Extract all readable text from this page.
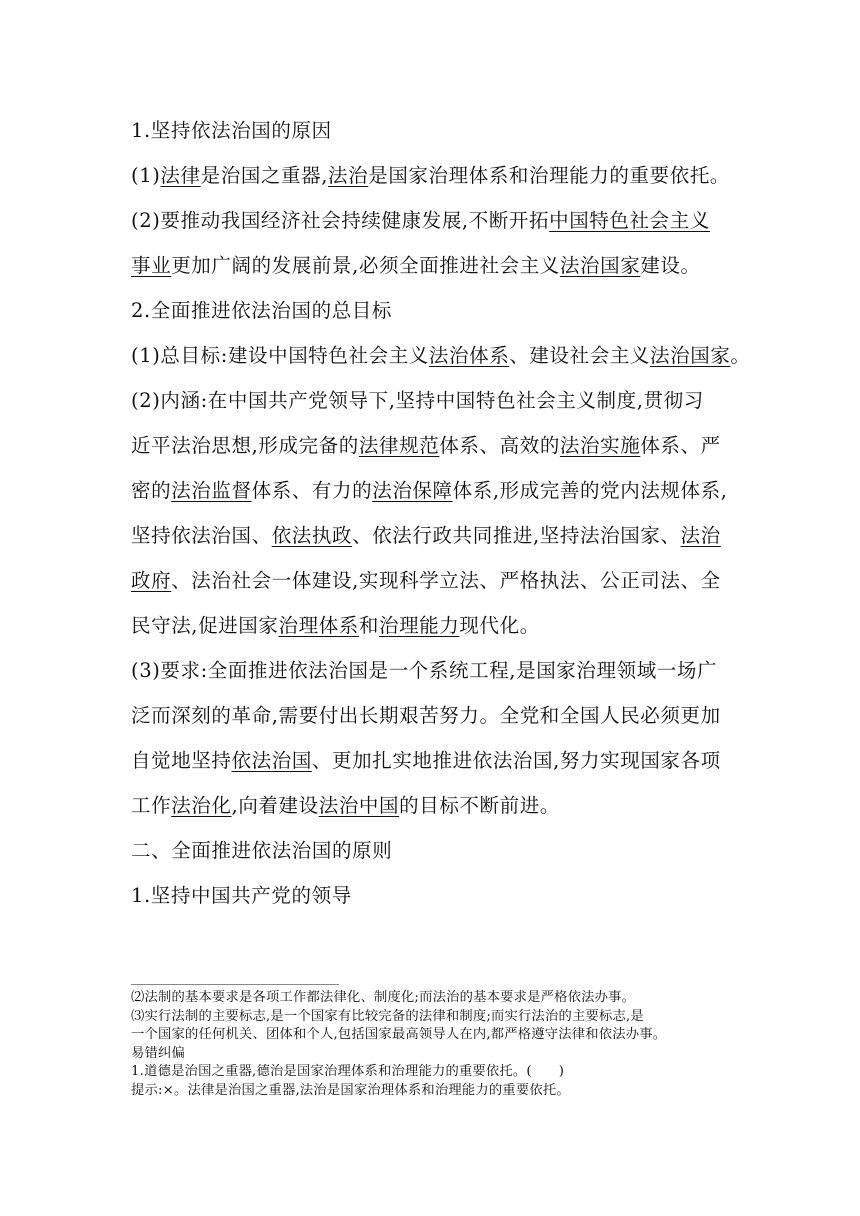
1.坚持依法治国的原因
(1)法律是治国之重器,法治是国家治理体系和治理能力的重要依托。
(2)要推动我国经济社会持续健康发展,不断开拓中国特色社会主义
事业更加广阔的发展前景,必须全面推进社会主义法治国家建设。
2.全面推进依法治国的总目标
(1)总目标:建设中国特色社会主义法治体系、建设社会主义法治国家。
(2)内涵:在中国共产党领导下,坚持中国特色社会主义制度,贯彻习
近平法治思想,形成完备的法律规范体系、高效的法治实施体系、严
密的法治监督体系、有力的法治保障体系,形成完善的党内法规体系,
坚持依法治国、依法执政、依法行政共同推进,坚持法治国家、法治
政府、法治社会一体建设,实现科学立法、严格执法、公正司法、全
民守法,促进国家治理体系和治理能力现代化。
(3)要求:全面推进依法治国是一个系统工程,是国家治理领域一场广
泛而深刻的革命,需要付出长期艰苦努力。全党和全国人民必须更加
自觉地坚持依法治国、更加扎实地推进依法治国,努力实现国家各项
工作法治化,向着建设法治中国的目标不断前进。
二、全面推进依法治国的原则
1.坚持中国共产党的领导
⑵法制的基本要求是各项工作都法律化、制度化;而法治的基本要求是严格依法办事。
⑶实行法制的主要标志,是一个国家有比较完备的法律和制度;而实行法治的主要标志,是
一个国家的任何机关、团体和个人,包括国家最高领导人在内,都严格遵守法律和依法办事。
易错纠偏
1.道德是治国之重器,德治是国家治理体系和治理能力的重要依托。(  )
提示:×。法律是治国之重器,法治是国家治理体系和治理能力的重要依托。
